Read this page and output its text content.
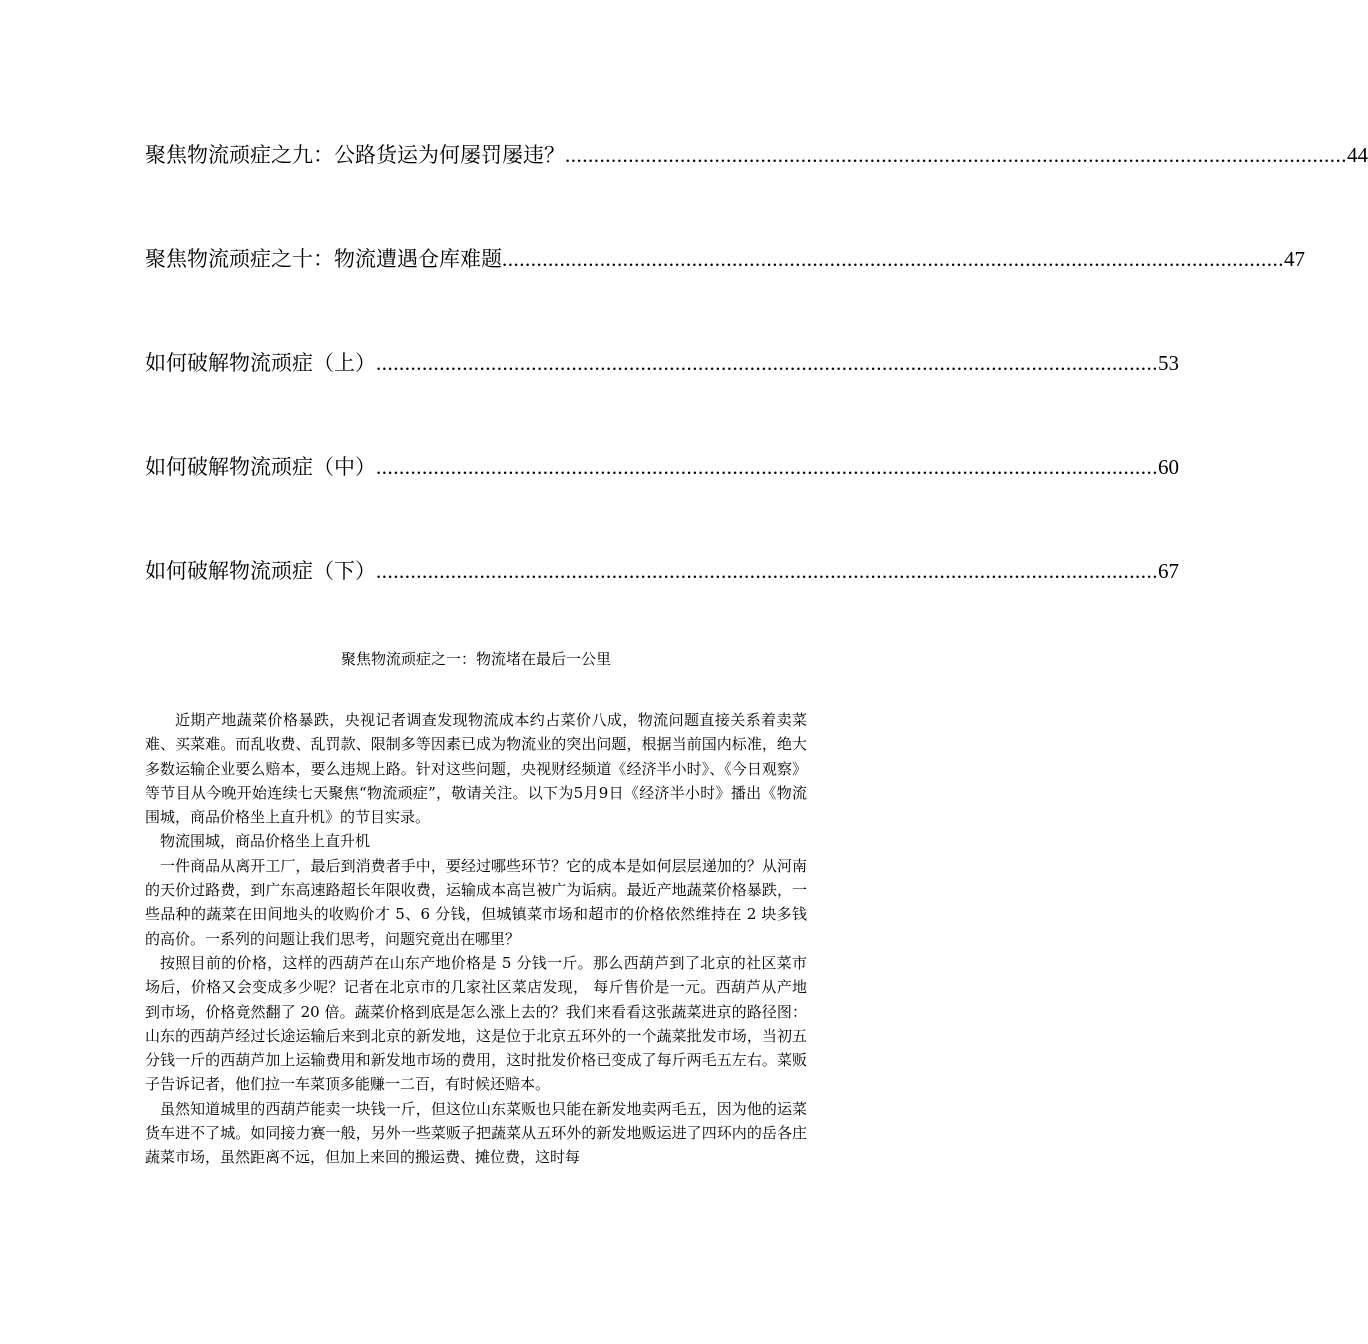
聚焦物流顽症之九：公路货运为何屡罚屡违？ ........................................................................................................................................ 44
聚焦物流顽症之十：物流遭遇仓库难题 ........................................................................................................................................ 47
如何破解物流顽症（上） ........................................................................................................................................ 53
如何破解物流顽症（中） ........................................................................................................................................ 60
如何破解物流顽症（下） ........................................................................................................................................ 67
聚焦物流顽症之一：物流堵在最后一公里

近期产地蔬菜价格暴跌，央视记者调查发现物流成本约占菜价八成，物流问题直接关系着卖菜难、买菜难。而乱收费、乱罚款、限制多等因素已成为物流业的突出问题，根据当前国内标准，绝大多数运输企业要么赔本，要么违规上路。针对这些问题，央视财经频道《经济半小时》、《今日观察》等节目从今晚开始连续七天聚焦“物流顽症”，敬请关注。以下为5月9日《经济半小时》播出《物流围城，商品价格坐上直升机》的节目实录。

物流围城，商品价格坐上直升机

一件商品从离开工厂，最后到消费者手中，要经过哪些环节？它的成本是如何层层递加的？从河南的天价过路费，到广东高速路超长年限收费，运输成本高岂被广为诟病。最近产地蔬菜价格暴跌，一些品种的蔬菜在田间地头的收购价才 5、6 分钱，但城镇菜市场和超市的价格依然维持在 2 块多钱的高价。一系列的问题让我们思考，问题究竟出在哪里？

按照目前的价格，这样的西葫芦在山东产地价格是 5 分钱一斤。那么西葫芦到了北京的社区菜市场后，价格又会变成多少呢？记者在北京市的几家社区菜店发现， 每斤售价是一元。西葫芦从产地到市场，价格竟然翻了 20 倍。蔬菜价格到底是怎么涨上去的？我们来看看这张蔬菜进京的路径图：山东的西葫芦经过长途运输后来到北京的新发地，这是位于北京五环外的一个蔬菜批发市场，当初五分钱一斤的西葫芦加上运输费用和新发地市场的费用，这时批发价格已变成了每斤两毛五左右。菜贩子告诉记者，他们拉一车菜顶多能赚一二百，有时候还赔本。

虽然知道城里的西葫芦能卖一块钱一斤，但这位山东菜贩也只能在新发地卖两毛五，因为他的运菜货车进不了城。如同接力赛一般，另外一些菜贩子把蔬菜从五环外的新发地贩运进了四环内的岳各庄蔬菜市场，虽然距离不远，但加上来回的搬运费、摊位费，这时每
